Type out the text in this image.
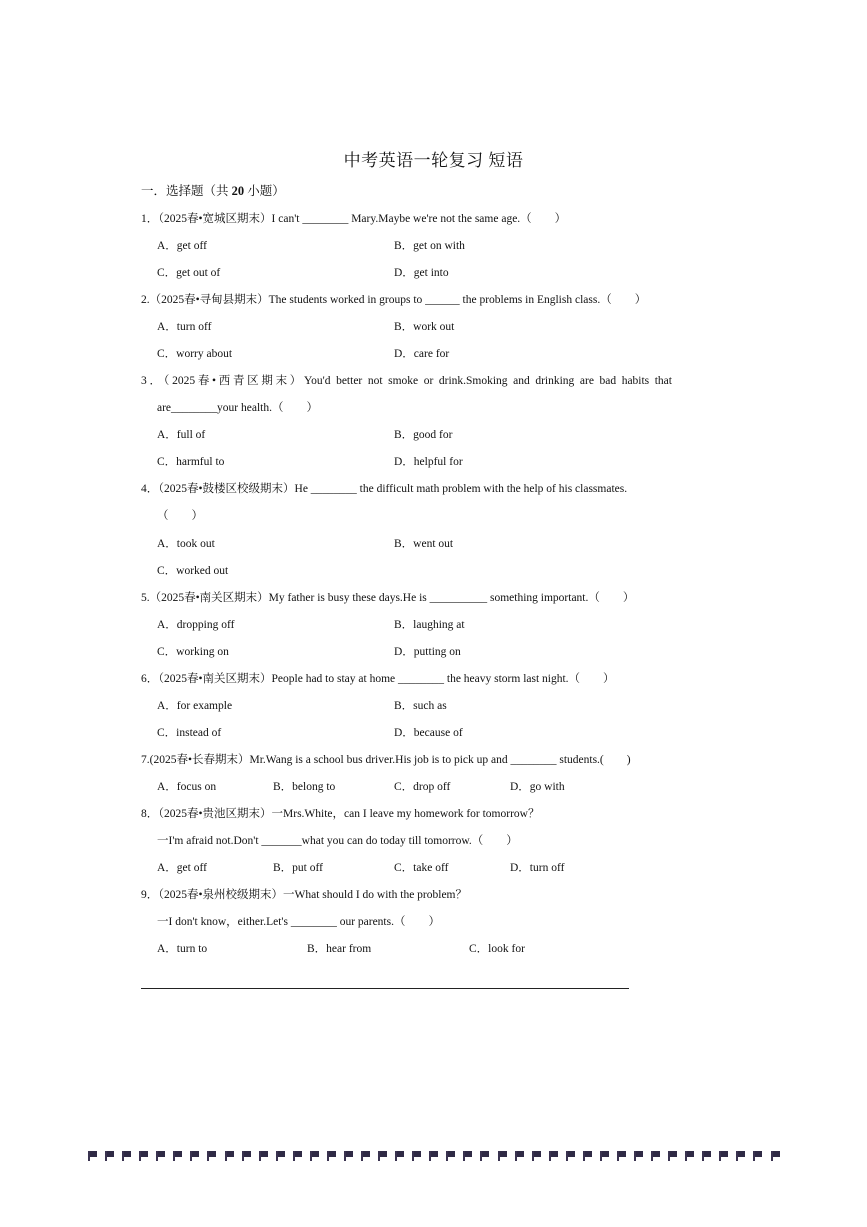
中考英语一轮复习 短语
一．选择题（共 20 小题）
1．（2025春•宽城区期末）I can't ________ Mary.Maybe we're not the same age.（　　）
A．get off	B．get on with
C．get out of	D．get into
2.（2025春•寻甸县期末）The students worked in groups to ______ the problems in English class.（　　）
A．turn off	B．work out
C．worry about	D．care for
3．（2025春•西青区期末）You'd better not smoke or drink.Smoking and drinking are bad habits that
are________your health.（　　）
A．full of	B．good for
C．harmful to	D．helpful for
4．（2025春•鼓楼区校级期末）He ________ the difficult math problem with the help of his classmates.
（　　）
A．took out	B．went out
C．worked out
5.（2025春•南关区期末）My father is busy these days.He is __________ something important.（　　）
A．dropping off	B．laughing at
C．working on	D．putting on
6．（2025春•南关区期末）People had to stay at home ________ the heavy storm last night.（　　）
A．for example	B．such as
C．instead of	D．because of
7.(2025春•长春期末）Mr.Wang is a school bus driver.His job is to pick up and ________ students.(　　)
A．focus on	B．belong to	C．drop off	D．go with
8．（2025春•贵池区期末）一Mrs.White，can I leave my homework for tomorrow？
一I'm afraid not.Don't _______what you can do today till tomorrow.（　　）
A．get off	B．put off	C．take off	D．turn off
9．（2025春•泉州校级期末）一What should I do with the problem？
一I don't know，either.Let's ________ our parents.（　　）
A．turn to	B．hear from	C．look for
